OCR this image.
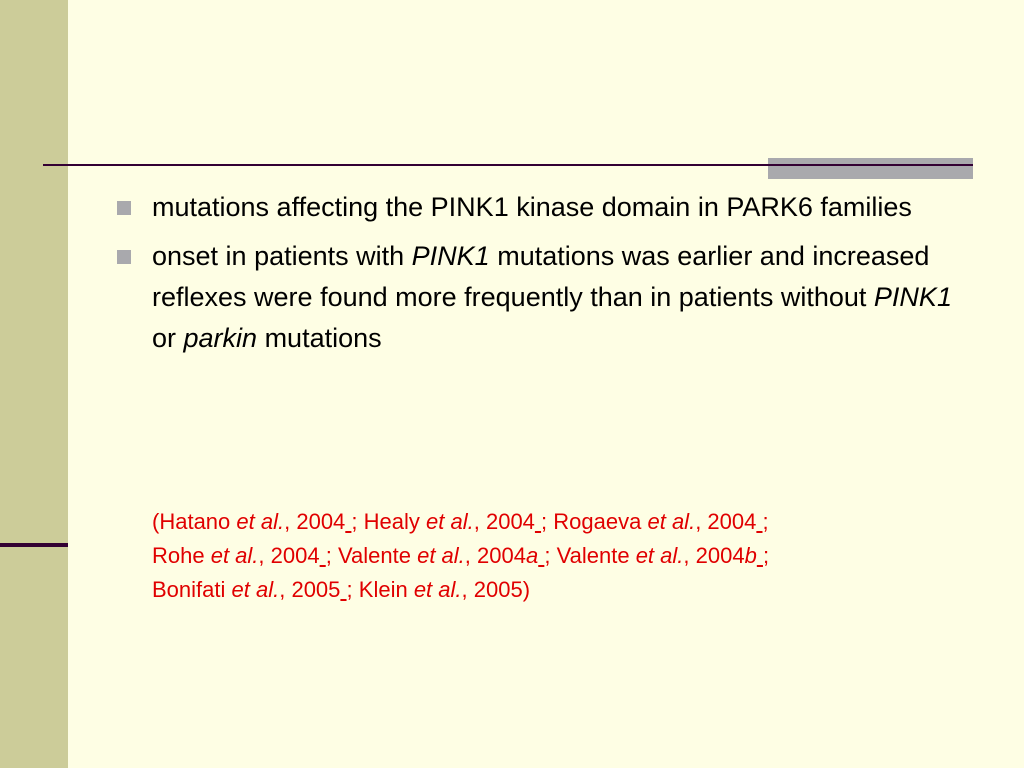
mutations affecting the PINK1 kinase domain in PARK6 families
onset in patients with PINK1 mutations was earlier and increased reflexes were found more frequently than in patients without PINK1 or parkin mutations
(Hatano et al., 2004 ; Healy et al., 2004 ; Rogaeva et al., 2004 ;
Rohe et al., 2004 ; Valente et al., 2004a ; Valente et al., 2004b ;
Bonifati et al., 2005 ; Klein et al., 2005)
